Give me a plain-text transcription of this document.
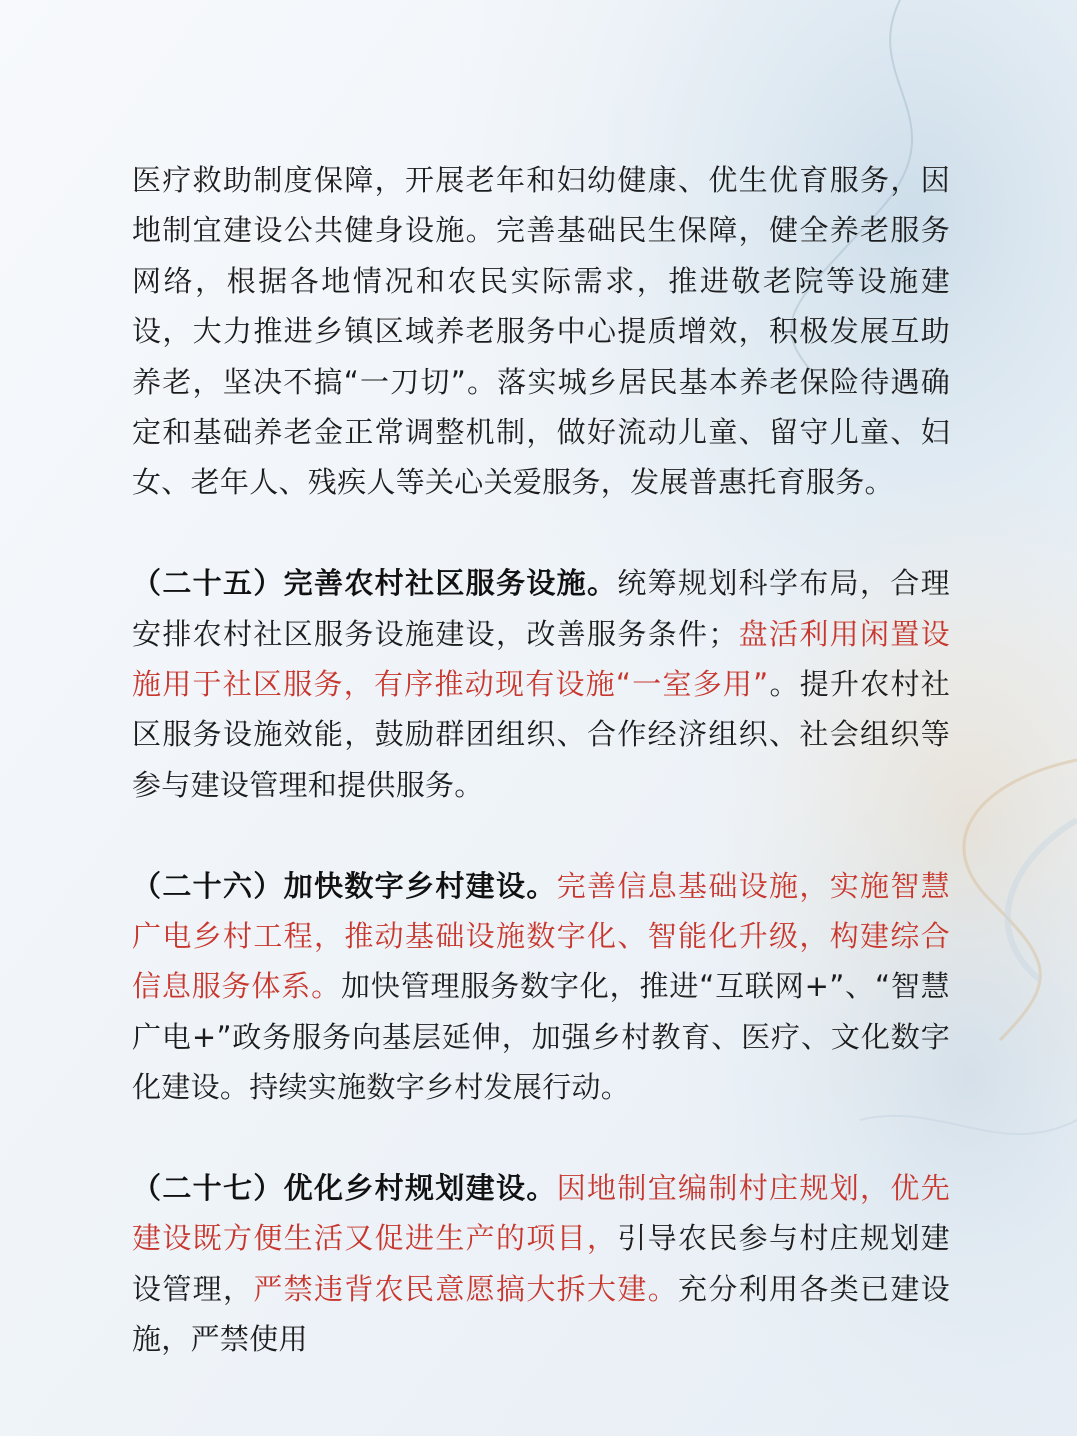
医疗救助制度保障，开展老年和妇幼健康、优生优育服务，因地制宜建设公共健身设施。完善基础民生保障，健全养老服务网络，根据各地情况和农民实际需求，推进敬老院等设施建设，大力推进乡镇区域养老服务中心提质增效，积极发展互助养老，坚决不搞“一刀切”。落实城乡居民基本养老保险待遇确定和基础养老金正常调整机制，做好流动儿童、留守儿童、妇女、老年人、残疾人等关心关爱服务，发展普惠托育服务。

（二十五）完善农村社区服务设施。统筹规划科学布局，合理安排农村社区服务设施建设，改善服务条件；盘活利用闲置设施用于社区服务，有序推动现有设施“一室多用”。提升农村社区服务设施效能，鼓励群团组织、合作经济组织、社会组织等参与建设管理和提供服务。

（二十六）加快数字乡村建设。完善信息基础设施，实施智慧广电乡村工程，推动基础设施数字化、智能化升级，构建综合信息服务体系。加快管理服务数字化，推进“互联网+”、“智慧广电+”政务服务向基层延伸，加强乡村教育、医疗、文化数字化建设。持续实施数字乡村发展行动。

（二十七）优化乡村规划建设。因地制宜编制村庄规划，优先建设既方便生活又促进生产的项目，引导农民参与村庄规划建设管理，严禁违背农民意愿搞大拆大建。充分利用各类已建设施，严禁使用
